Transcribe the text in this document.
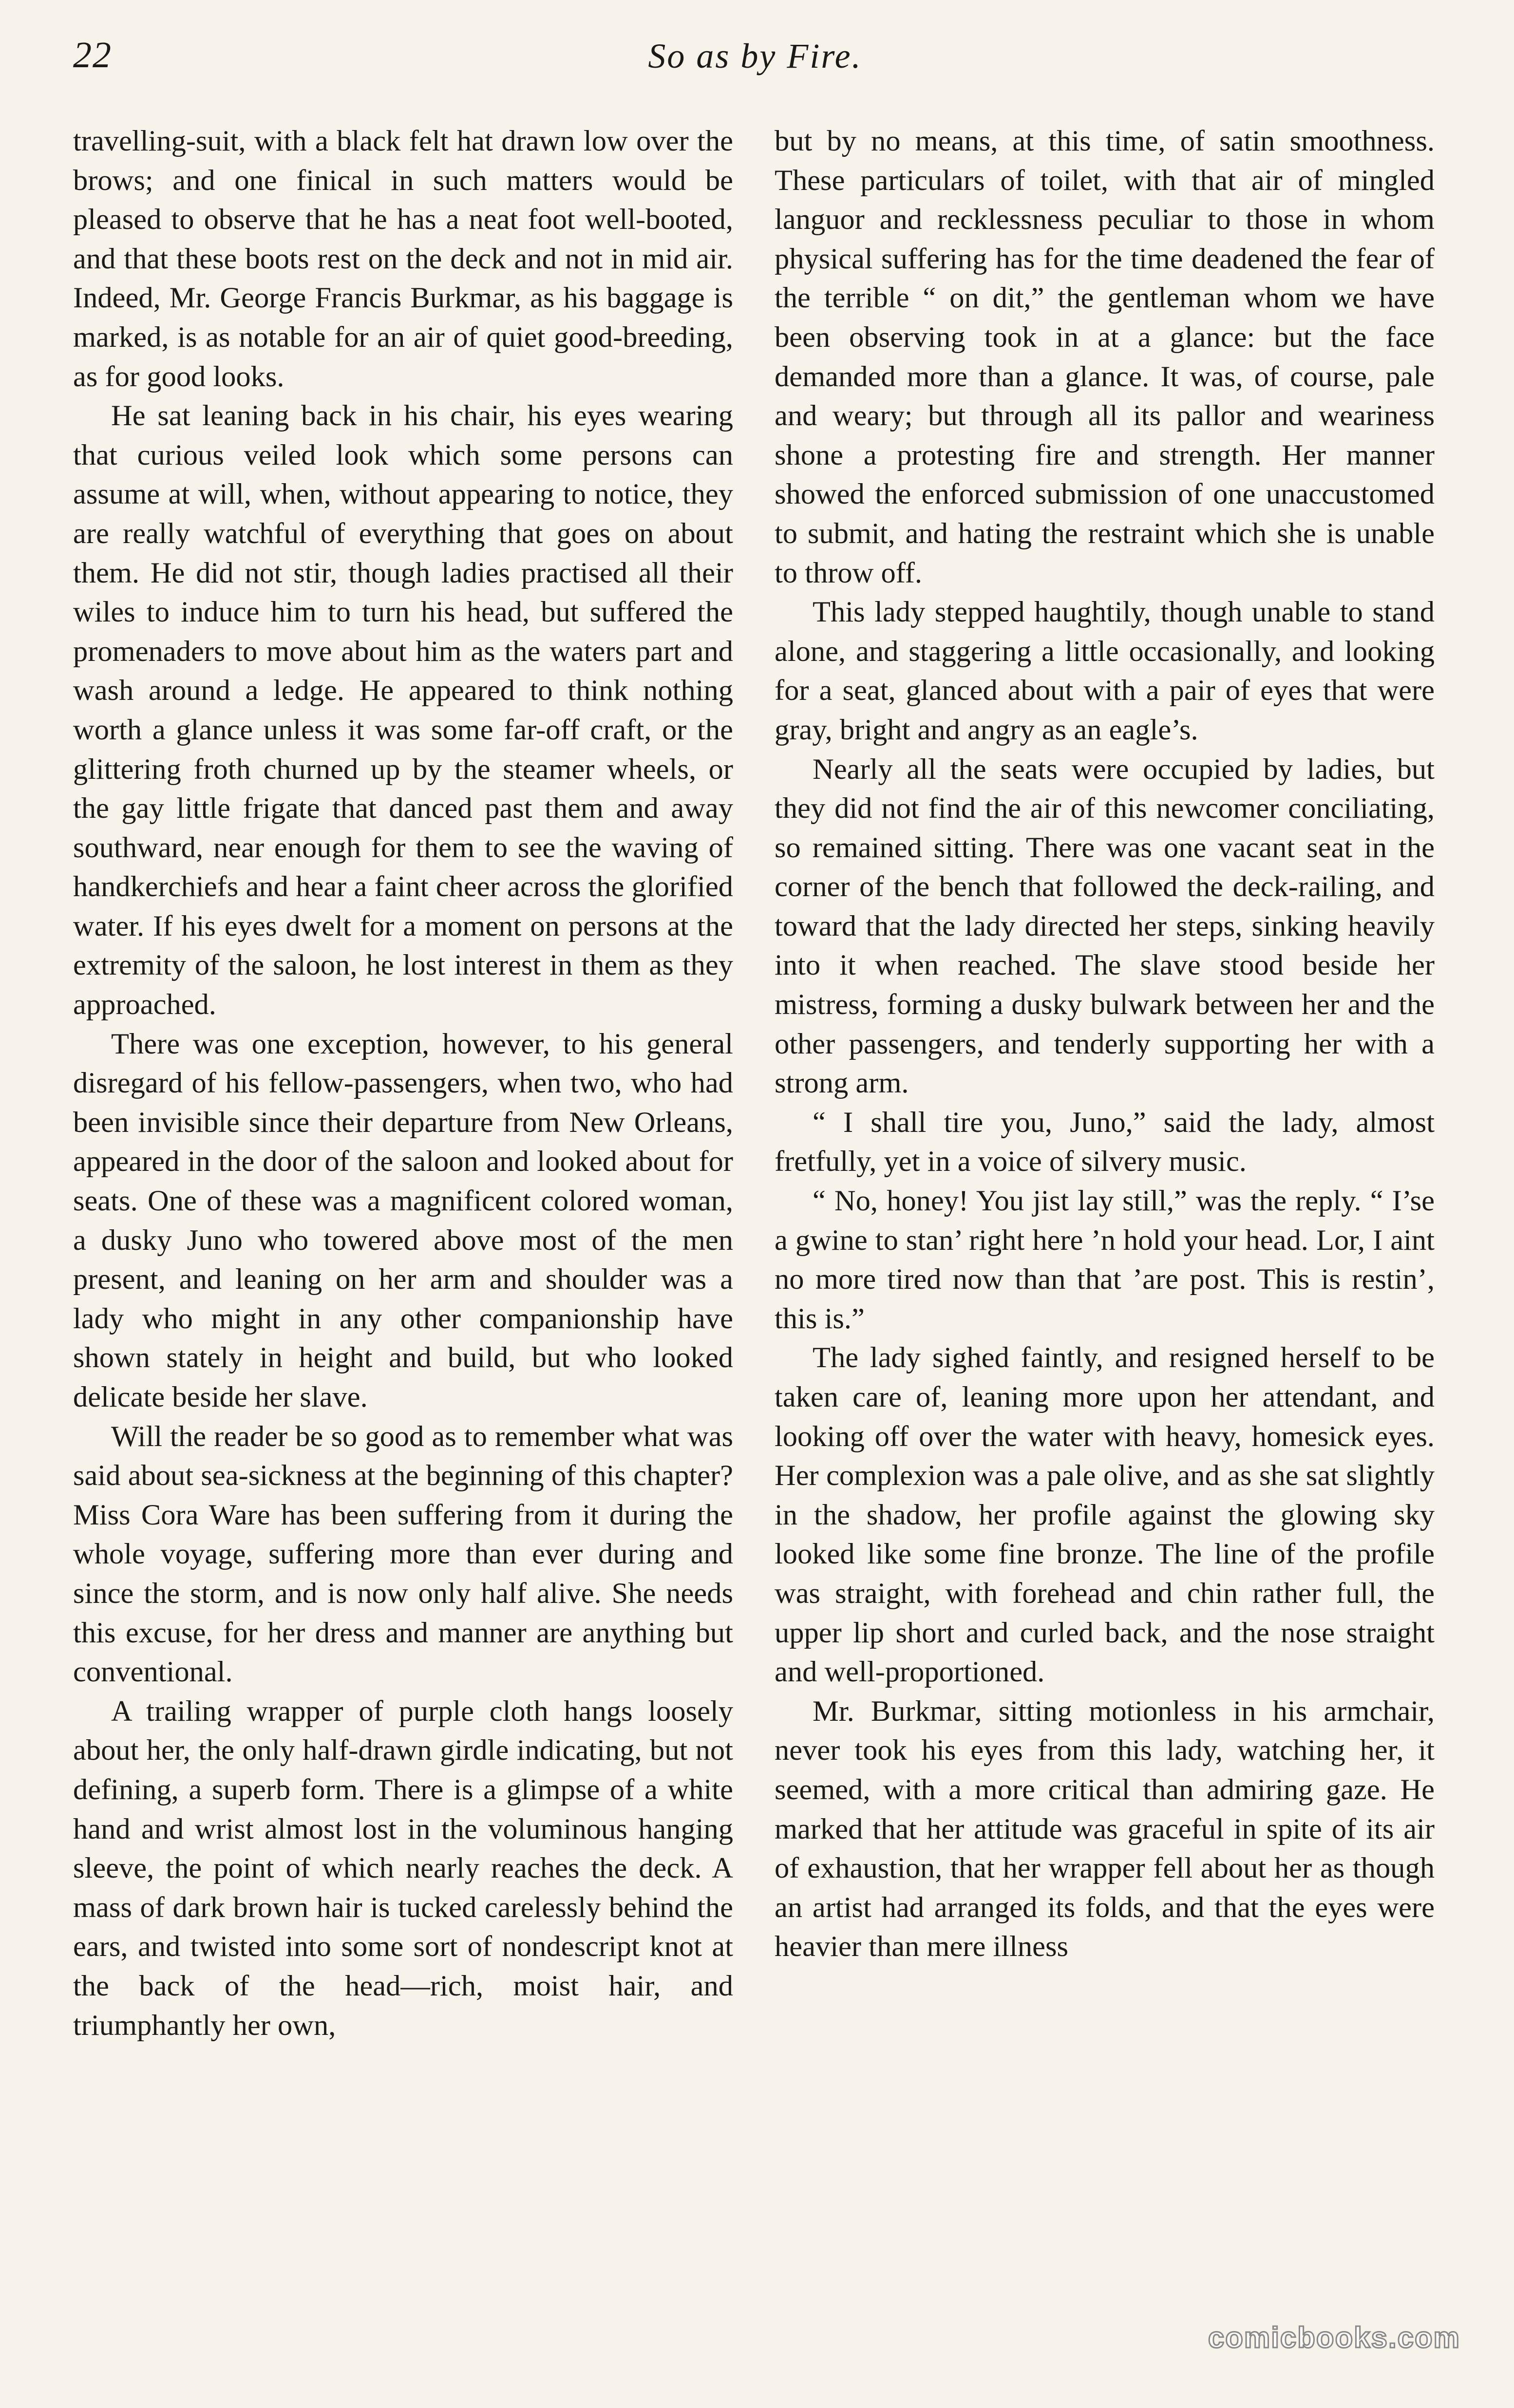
22	So as by Fire.

travelling-suit, with a black felt hat drawn low over the brows; and one finical in such matters would be pleased to observe that he has a neat foot well-booted, and that these boots rest on the deck and not in mid air. Indeed, Mr. George Francis Burkmar, as his baggage is marked, is as notable for an air of quiet good-breeding, as for good looks.

He sat leaning back in his chair, his eyes wearing that curious veiled look which some persons can assume at will, when, without appearing to notice, they are really watchful of everything that goes on about them. He did not stir, though ladies practised all their wiles to induce him to turn his head, but suffered the promenaders to move about him as the waters part and wash around a ledge. He appeared to think nothing worth a glance unless it was some far-off craft, or the glittering froth churned up by the steamer wheels, or the gay little frigate that danced past them and away southward, near enough for them to see the waving of handkerchiefs and hear a faint cheer across the glorified water. If his eyes dwelt for a moment on persons at the extremity of the saloon, he lost interest in them as they approached.

There was one exception, however, to his general disregard of his fellow-passengers, when two, who had been invisible since their departure from New Orleans, appeared in the door of the saloon and looked about for seats. One of these was a magnificent colored woman, a dusky Juno who towered above most of the men present, and leaning on her arm and shoulder was a lady who might in any other companionship have shown stately in height and build, but who looked delicate beside her slave.

Will the reader be so good as to remember what was said about sea-sickness at the beginning of this chapter? Miss Cora Ware has been suffering from it during the whole voyage, suffering more than ever during and since the storm, and is now only half alive. She needs this excuse, for her dress and manner are anything but conventional.

A trailing wrapper of purple cloth hangs loosely about her, the only half-drawn girdle indicating, but not defining, a superb form. There is a glimpse of a white hand and wrist almost lost in the voluminous hanging sleeve, the point of which nearly reaches the deck. A mass of dark brown hair is tucked carelessly behind the ears, and twisted into some sort of nondescript knot at the back of the head—rich, moist hair, and triumphantly her own,

but by no means, at this time, of satin smoothness. These particulars of toilet, with that air of mingled languor and recklessness peculiar to those in whom physical suffering has for the time deadened the fear of the terrible “ on dit,” the gentleman whom we have been observing took in at a glance: but the face demanded more than a glance. It was, of course, pale and weary; but through all its pallor and weariness shone a protesting fire and strength. Her manner showed the enforced submission of one unaccustomed to submit, and hating the restraint which she is unable to throw off.

This lady stepped haughtily, though unable to stand alone, and staggering a little occasionally, and looking for a seat, glanced about with a pair of eyes that were gray, bright and angry as an eagle’s.

Nearly all the seats were occupied by ladies, but they did not find the air of this newcomer conciliating, so remained sitting. There was one vacant seat in the corner of the bench that followed the deck-railing, and toward that the lady directed her steps, sinking heavily into it when reached. The slave stood beside her mistress, forming a dusky bulwark between her and the other passengers, and tenderly supporting her with a strong arm.

“ I shall tire you, Juno,” said the lady, almost fretfully, yet in a voice of silvery music.

“ No, honey! You jist lay still,” was the reply. “ I’se a gwine to stan’ right here ’n hold your head. Lor, I aint no more tired now than that ’are post. This is restin’, this is.”

The lady sighed faintly, and resigned herself to be taken care of, leaning more upon her attendant, and looking off over the water with heavy, homesick eyes. Her complexion was a pale olive, and as she sat slightly in the shadow, her profile against the glowing sky looked like some fine bronze. The line of the profile was straight, with forehead and chin rather full, the upper lip short and curled back, and the nose straight and well-proportioned.

Mr. Burkmar, sitting motionless in his armchair, never took his eyes from this lady, watching her, it seemed, with a more critical than admiring gaze. He marked that her attitude was graceful in spite of its air of exhaustion, that her wrapper fell about her as though an artist had arranged its folds, and that the eyes were heavier than mere illness

comicbooks.com
